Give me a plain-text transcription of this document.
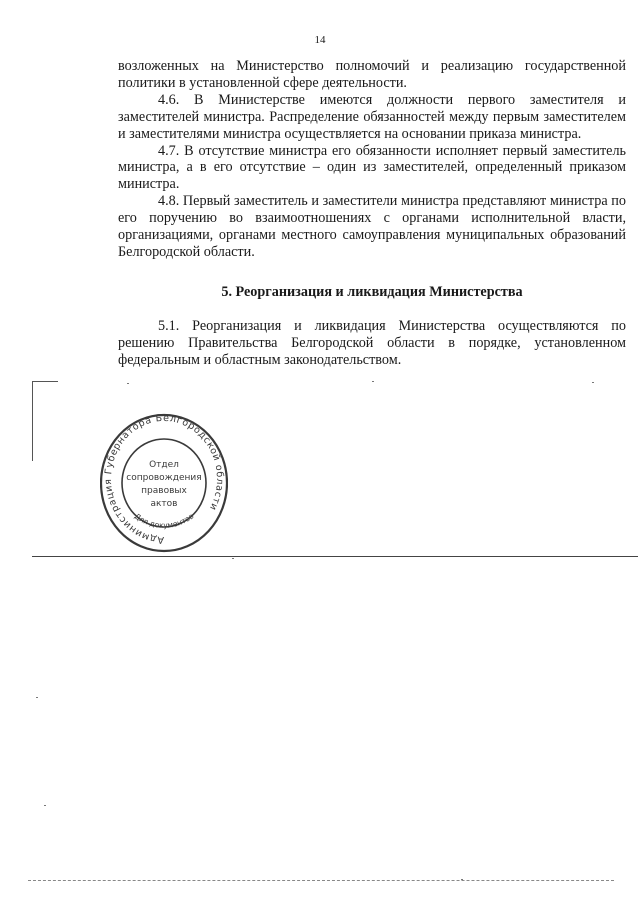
14

возложенных на Министерство полномочий и реализацию государственной политики в установленной сфере деятельности.

4.6. В Министерстве имеются должности первого заместителя и заместителей министра. Распределение обязанностей между первым заместителем и заместителями министра осуществляется на основании приказа министра.

4.7. В отсутствие министра его обязанности исполняет первый заместитель министра, а в его отсутствие – один из заместителей, определенный приказом министра.

4.8. Первый заместитель и заместители министра представляют министра по его поручению во взаимоотношениях с органами исполнительной власти, организациями, органами местного самоуправления муниципальных образований Белгородской области.

5. Реорганизация и ликвидация Министерства

5.1. Реорганизация и ликвидация Министерства осуществляются по решению Правительства Белгородской области в порядке, установленном федеральным и областным законодательством.

Администрация Губернатора Белгородской области
Для документов
Отдел
сопровождения
правовых
актов
